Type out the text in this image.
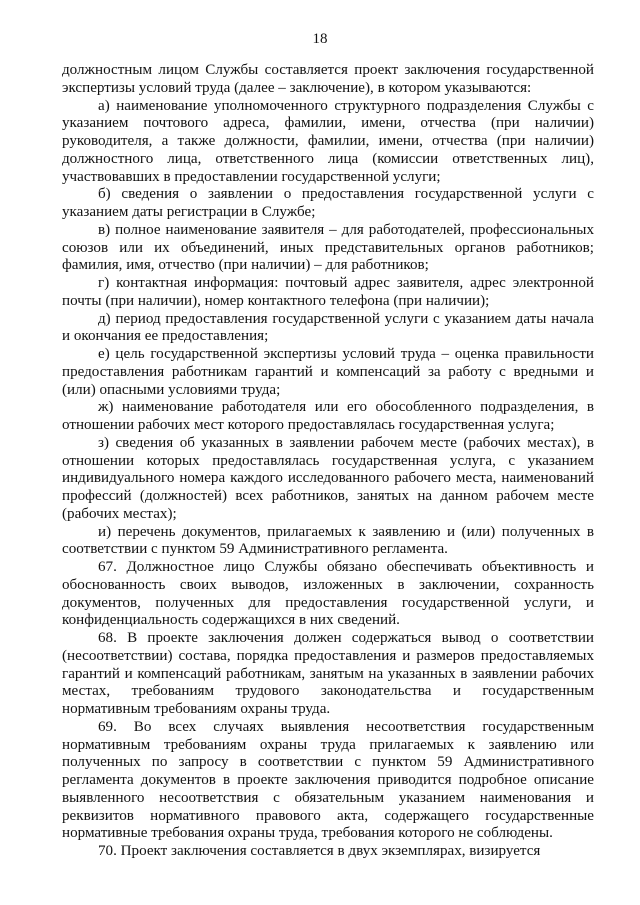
18

должностным лицом Службы составляется проект заключения государственной экспертизы условий труда (далее – заключение), в котором указываются:

а) наименование уполномоченного структурного подразделения Службы с указанием почтового адреса, фамилии, имени, отчества (при наличии) руководителя, а также должности, фамилии, имени, отчества (при наличии) должностного лица, ответственного лица (комиссии ответственных лиц), участвовавших в предоставлении государственной услуги;

б) сведения о заявлении о предоставления государственной услуги с указанием даты регистрации в Службе;

в) полное наименование заявителя – для работодателей, профессиональных союзов или их объединений, иных представительных органов работников; фамилия, имя, отчество (при наличии) – для работников;

г) контактная информация: почтовый адрес заявителя, адрес электронной почты (при наличии), номер контактного телефона (при наличии);

д) период предоставления государственной услуги с указанием даты начала и окончания ее предоставления;

е) цель государственной экспертизы условий труда – оценка правильности предоставления работникам гарантий и компенсаций за работу с вредными и (или) опасными условиями труда;

ж) наименование работодателя или его обособленного подразделения, в отношении рабочих мест которого предоставлялась государственная услуга;

з) сведения об указанных в заявлении рабочем месте (рабочих местах), в отношении которых предоставлялась государственная услуга, с указанием индивидуального номера каждого исследованного рабочего места, наименований профессий (должностей) всех работников, занятых на данном рабочем месте (рабочих местах);

и) перечень документов, прилагаемых к заявлению и (или) полученных в соответствии с пунктом 59 Административного регламента.

67. Должностное лицо Службы обязано обеспечивать объективность и обоснованность своих выводов, изложенных в заключении, сохранность документов, полученных для предоставления государственной услуги, и конфиденциальность содержащихся в них сведений.

68. В проекте заключения должен содержаться вывод о соответствии (несоответствии) состава, порядка предоставления и размеров предоставляемых гарантий и компенсаций работникам, занятым на указанных в заявлении рабочих местах, требованиям трудового законодательства и государственным нормативным требованиям охраны труда.

69. Во всех случаях выявления несоответствия государственным нормативным требованиям охраны труда прилагаемых к заявлению или полученных по запросу в соответствии с пунктом 59 Административного регламента документов в проекте заключения приводится подробное описание выявленного несоответствия с обязательным указанием наименования и реквизитов нормативного правового акта, содержащего государственные нормативные требования охраны труда, требования которого не соблюдены.

70. Проект заключения составляется в двух экземплярах, визируется
